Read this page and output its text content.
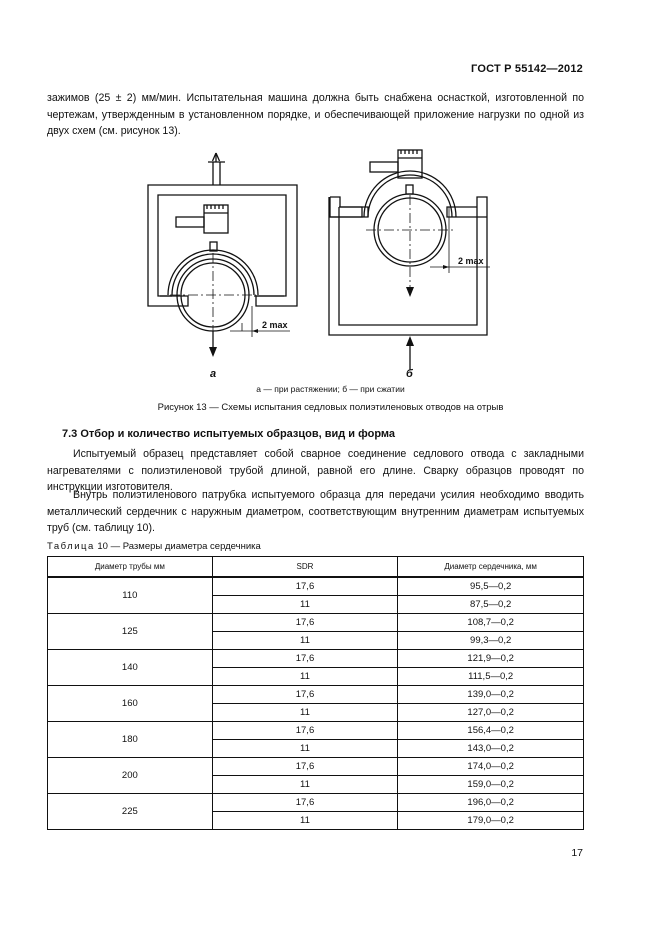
ГОСТ Р 55142—2012
зажимов (25 ± 2) мм/мин. Испытательная машина должна быть снабжена оснасткой, изготовленной по чертежам, утвержденным в установленном порядке, и обеспечивающей приложение нагрузки по одной из двух схем (см. рисунок 13).
2 max
2 max
а	б
а — при растяжении; б — при сжатии
Рисунок 13 — Схемы испытания седловых полиэтиленовых отводов на отрыв
7.3 Отбор и количество испытуемых образцов, вид и форма
Испытуемый образец представляет собой сварное соединение седлового отвода с закладными нагревателями с полиэтиленовой трубой длиной, равной его длине. Сварку образцов проводят по инструкции изготовителя.
Внутрь полиэтиленового патрубка испытуемого образца для передачи усилия необходимо вводить металлический сердечник с наружным диаметром, соответствующим внутренним диаметрам испытуемых труб (см. таблицу 10).
Таблица 10 — Размеры диаметра сердечника
Диаметр трубы мм	SDR	Диаметр сердечника, мм
110	17,6	95,5—0,2
	11	87,5—0,2
125	17,6	108,7—0,2
	11	99,3—0,2
140	17,6	121,9—0,2
	11	111,5—0,2
160	17,6	139,0—0,2
	11	127,0—0,2
180	17,6	156,4—0,2
	11	143,0—0,2
200	17,6	174,0—0,2
	11	159,0—0,2
225	17,6	196,0—0,2
	11	179,0—0,2
17
